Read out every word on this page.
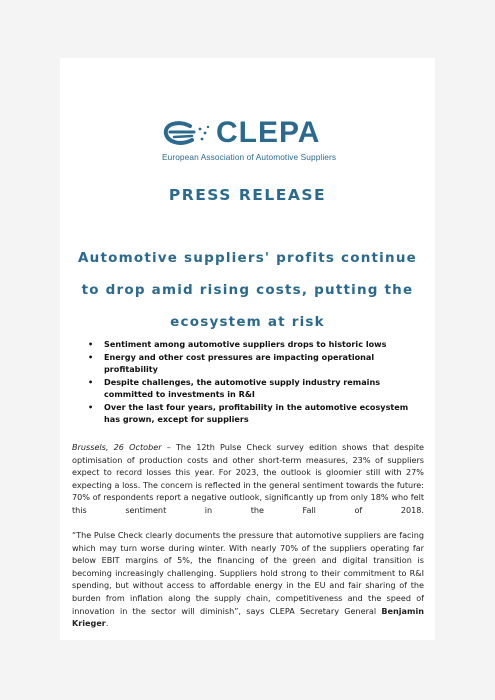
CLEPA
European Association of Automotive Suppliers
PRESS RELEASE
Automotive suppliers' profits continue to drop amid rising costs, putting the ecosystem at risk
• Sentiment among automotive suppliers drops to historic lows
• Energy and other cost pressures are impacting operational profitability
• Despite challenges, the automotive supply industry remains committed to investments in R&I
• Over the last four years, profitability in the automotive ecosystem has grown, except for suppliers

Brussels, 26 October – The 12th Pulse Check survey edition shows that despite optimisation of production costs and other short-term measures, 23% of suppliers expect to record losses this year. For 2023, the outlook is gloomier still with 27% expecting a loss. The concern is reflected in the general sentiment towards the future: 70% of respondents report a negative outlook, significantly up from only 18% who felt this sentiment in the Fall of 2018.

“The Pulse Check clearly documents the pressure that automotive suppliers are facing which may turn worse during winter. With nearly 70% of the suppliers operating far below EBIT margins of 5%, the financing of the green and digital transition is becoming increasingly challenging. Suppliers hold strong to their commitment to R&I spending, but without access to affordable energy in the EU and fair sharing of the burden from inflation along the supply chain, competitiveness and the speed of innovation in the sector will diminish”, says CLEPA Secretary General Benjamin Krieger.
